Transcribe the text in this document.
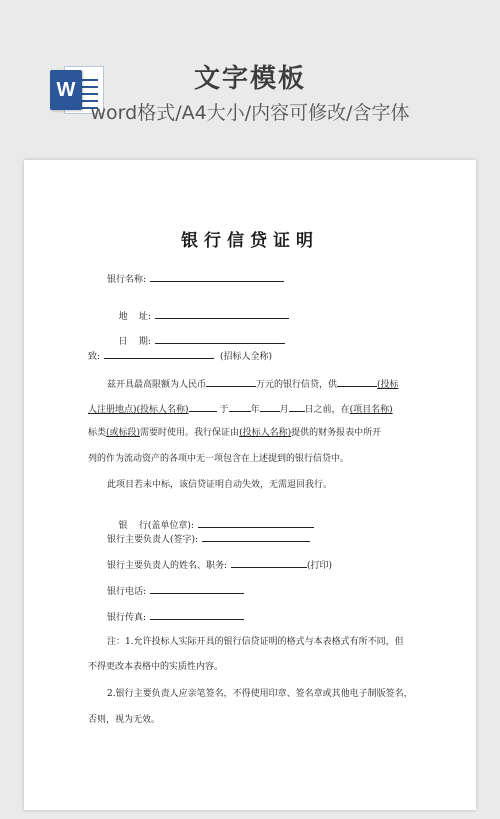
W	文字模板
word格式/A4大小/内容可修改/含字体
银行信贷证明
银行名称:

地    址:

日    期:

致:	(招标人全称)
兹开具最高限额为人民币	万元的银行信贷，供	(投标
人注册地点)(投标人名称)	于 年 月 日之前，在(项目名称)
标类(或标段)需要时使用。我行保证由(投标人名称)提供的财务报表中所开
列的作为流动资产的各项中无一项包含在上述提到的银行信贷中。
此项目若未中标，该信贷证明自动失效，无需退回我行。

银    行(盖单位章):

银行主要负责人(签字):
银行主要负责人的姓名、职务:	(打印)
银行电话:
银行传真:
注：1.允许投标人实际开具的银行信贷证明的格式与本表格式有所不同，但
不得更改本表格中的实质性内容。
2.银行主要负责人应亲笔签名，不得使用印章、签名章或其他电子制版签名，
否则，视为无效。
